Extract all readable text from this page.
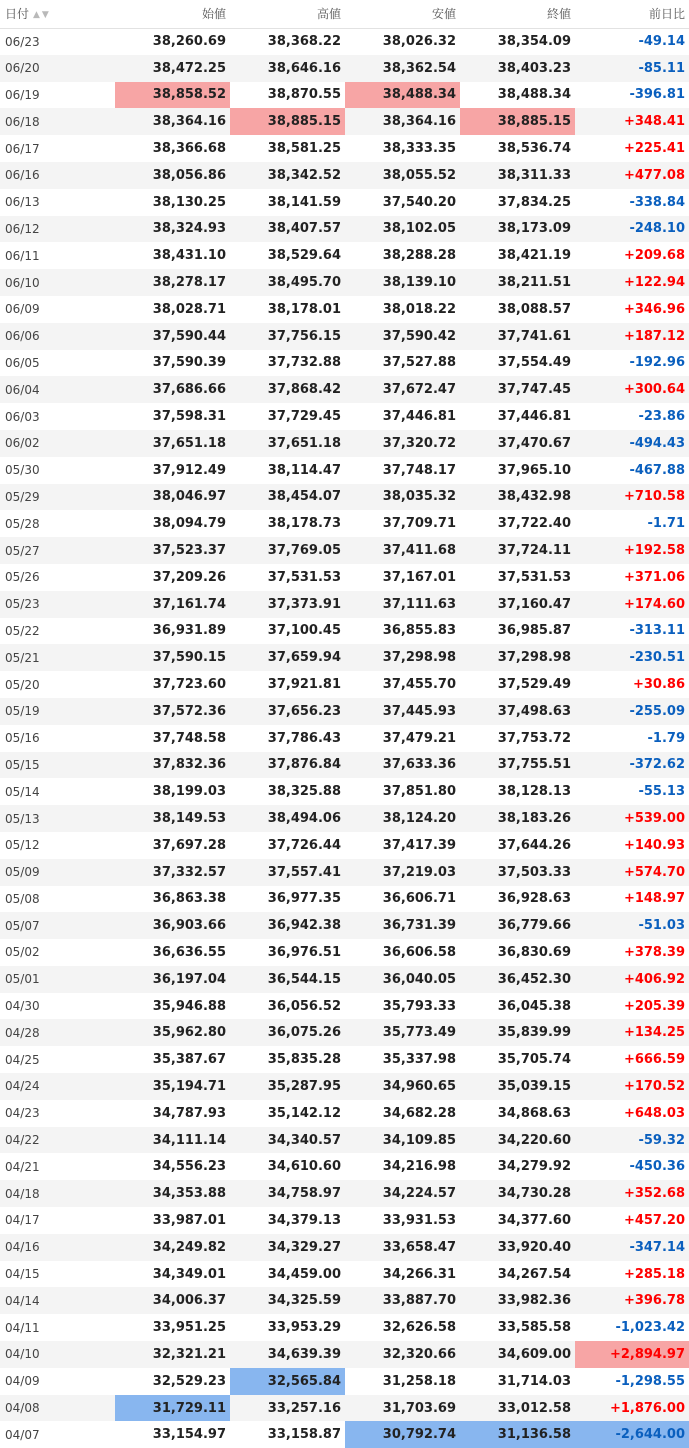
日付 ▲▼	始値	高値	安値	終値	前日比
06/23	38,260.69	38,368.22	38,026.32	38,354.09	-49.14
06/20	38,472.25	38,646.16	38,362.54	38,403.23	-85.11
06/19	38,858.52	38,870.55	38,488.34	38,488.34	-396.81
06/18	38,364.16	38,885.15	38,364.16	38,885.15	+348.41
06/17	38,366.68	38,581.25	38,333.35	38,536.74	+225.41
06/16	38,056.86	38,342.52	38,055.52	38,311.33	+477.08
06/13	38,130.25	38,141.59	37,540.20	37,834.25	-338.84
06/12	38,324.93	38,407.57	38,102.05	38,173.09	-248.10
06/11	38,431.10	38,529.64	38,288.28	38,421.19	+209.68
06/10	38,278.17	38,495.70	38,139.10	38,211.51	+122.94
06/09	38,028.71	38,178.01	38,018.22	38,088.57	+346.96
06/06	37,590.44	37,756.15	37,590.42	37,741.61	+187.12
06/05	37,590.39	37,732.88	37,527.88	37,554.49	-192.96
06/04	37,686.66	37,868.42	37,672.47	37,747.45	+300.64
06/03	37,598.31	37,729.45	37,446.81	37,446.81	-23.86
06/02	37,651.18	37,651.18	37,320.72	37,470.67	-494.43
05/30	37,912.49	38,114.47	37,748.17	37,965.10	-467.88
05/29	38,046.97	38,454.07	38,035.32	38,432.98	+710.58
05/28	38,094.79	38,178.73	37,709.71	37,722.40	-1.71
05/27	37,523.37	37,769.05	37,411.68	37,724.11	+192.58
05/26	37,209.26	37,531.53	37,167.01	37,531.53	+371.06
05/23	37,161.74	37,373.91	37,111.63	37,160.47	+174.60
05/22	36,931.89	37,100.45	36,855.83	36,985.87	-313.11
05/21	37,590.15	37,659.94	37,298.98	37,298.98	-230.51
05/20	37,723.60	37,921.81	37,455.70	37,529.49	+30.86
05/19	37,572.36	37,656.23	37,445.93	37,498.63	-255.09
05/16	37,748.58	37,786.43	37,479.21	37,753.72	-1.79
05/15	37,832.36	37,876.84	37,633.36	37,755.51	-372.62
05/14	38,199.03	38,325.88	37,851.80	38,128.13	-55.13
05/13	38,149.53	38,494.06	38,124.20	38,183.26	+539.00
05/12	37,697.28	37,726.44	37,417.39	37,644.26	+140.93
05/09	37,332.57	37,557.41	37,219.03	37,503.33	+574.70
05/08	36,863.38	36,977.35	36,606.71	36,928.63	+148.97
05/07	36,903.66	36,942.38	36,731.39	36,779.66	-51.03
05/02	36,636.55	36,976.51	36,606.58	36,830.69	+378.39
05/01	36,197.04	36,544.15	36,040.05	36,452.30	+406.92
04/30	35,946.88	36,056.52	35,793.33	36,045.38	+205.39
04/28	35,962.80	36,075.26	35,773.49	35,839.99	+134.25
04/25	35,387.67	35,835.28	35,337.98	35,705.74	+666.59
04/24	35,194.71	35,287.95	34,960.65	35,039.15	+170.52
04/23	34,787.93	35,142.12	34,682.28	34,868.63	+648.03
04/22	34,111.14	34,340.57	34,109.85	34,220.60	-59.32
04/21	34,556.23	34,610.60	34,216.98	34,279.92	-450.36
04/18	34,353.88	34,758.97	34,224.57	34,730.28	+352.68
04/17	33,987.01	34,379.13	33,931.53	34,377.60	+457.20
04/16	34,249.82	34,329.27	33,658.47	33,920.40	-347.14
04/15	34,349.01	34,459.00	34,266.31	34,267.54	+285.18
04/14	34,006.37	34,325.59	33,887.70	33,982.36	+396.78
04/11	33,951.25	33,953.29	32,626.58	33,585.58	-1,023.42
04/10	32,321.21	34,639.39	32,320.66	34,609.00	+2,894.97
04/09	32,529.23	32,565.84	31,258.18	31,714.03	-1,298.55
04/08	31,729.11	33,257.16	31,703.69	33,012.58	+1,876.00
04/07	33,154.97	33,158.87	30,792.74	31,136.58	-2,644.00
